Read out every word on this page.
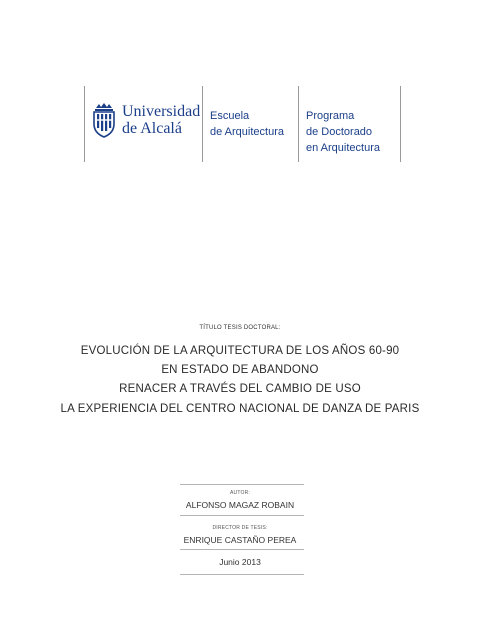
Universidad
de Alcalá
Escuela
de Arquitectura
Programa
de Doctorado
en Arquitectura
TÍTULO TESIS DOCTORAL:
EVOLUCIÓN DE LA ARQUITECTURA DE LOS AÑOS 60-90
EN ESTADO DE ABANDONO
RENACER A TRAVÉS DEL CAMBIO DE USO
LA EXPERIENCIA DEL CENTRO NACIONAL DE DANZA DE PARIS
AUTOR:
ALFONSO MAGAZ ROBAIN
DIRECTOR DE TESIS:
ENRIQUE CASTAÑO PEREA
Junio 2013
